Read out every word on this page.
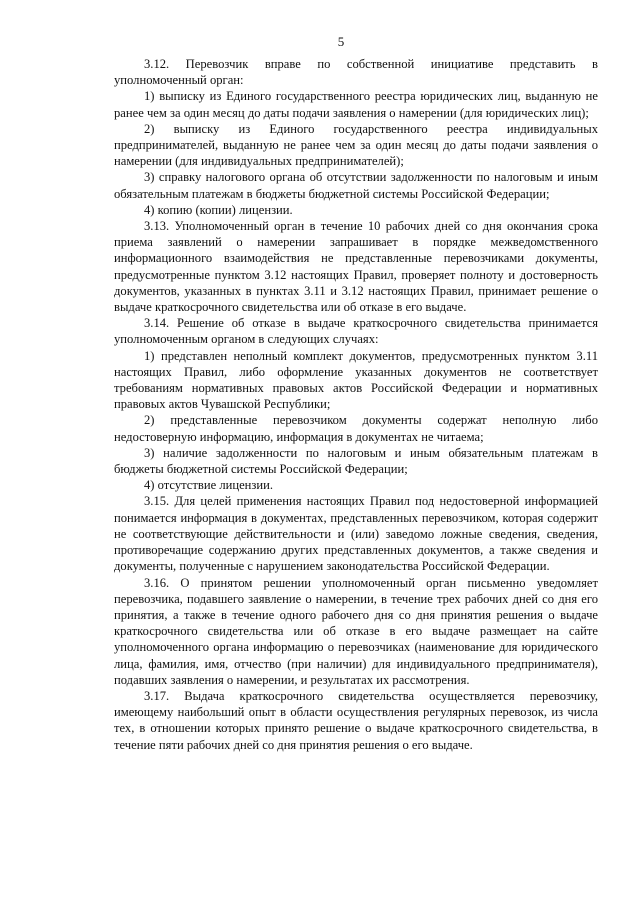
5

3.12. Перевозчик вправе по собственной инициативе представить в уполномоченный орган:

1) выписку из Единого государственного реестра юридических лиц, выданную не ранее чем за один месяц до даты подачи заявления о намерении (для юридических лиц);

2) выписку из Единого государственного реестра индивидуальных предпринимателей, выданную не ранее чем за один месяц до даты подачи заявления о намерении (для индивидуальных предпринимателей);

3) справку налогового органа об отсутствии задолженности по налоговым и иным обязательным платежам в бюджеты бюджетной системы Российской Федерации;

4) копию (копии) лицензии.

3.13. Уполномоченный орган в течение 10 рабочих дней со дня окончания срока приема заявлений о намерении запрашивает в порядке межведомственного информационного взаимодействия не представленные перевозчиками документы, предусмотренные пунктом 3.12 настоящих Правил, проверяет полноту и достоверность документов, указанных в пунктах 3.11 и 3.12 настоящих Правил, принимает решение о выдаче краткосрочного свидетельства или об отказе в его выдаче.

3.14. Решение об отказе в выдаче краткосрочного свидетельства принимается уполномоченным органом в следующих случаях:

1) представлен неполный комплект документов, предусмотренных пунктом 3.11 настоящих Правил, либо оформление указанных документов не соответствует требованиям нормативных правовых актов Российской Федерации и нормативных правовых актов Чувашской Республики;

2) представленные перевозчиком документы содержат неполную либо недостоверную информацию, информация в документах не читаема;

3) наличие задолженности по налоговым и иным обязательным платежам в бюджеты бюджетной системы Российской Федерации;

4) отсутствие лицензии.

3.15. Для целей применения настоящих Правил под недостоверной информацией понимается информация в документах, представленных перевозчиком, которая содержит не соответствующие действительности и (или) заведомо ложные сведения, сведения, противоречащие содержанию других представленных документов, а также сведения и документы, полученные с нарушением законодательства Российской Федерации.

3.16. О принятом решении уполномоченный орган письменно уведомляет перевозчика, подавшего заявление о намерении, в течение трех рабочих дней со дня его принятия, а также в течение одного рабочего дня со дня принятия решения о выдаче краткосрочного свидетельства или об отказе в его выдаче размещает на сайте уполномоченного органа информацию о перевозчиках (наименование для юридического лица, фамилия, имя, отчество (при наличии) для индивидуального предпринимателя), подавших заявления о намерении, и результатах их рассмотрения.

3.17. Выдача краткосрочного свидетельства осуществляется перевозчику, имеющему наибольший опыт в области осуществления регулярных перевозок, из числа тех, в отношении которых принято решение о выдаче краткосрочного свидетельства, в течение пяти рабочих дней со дня принятия решения о его выдаче.
